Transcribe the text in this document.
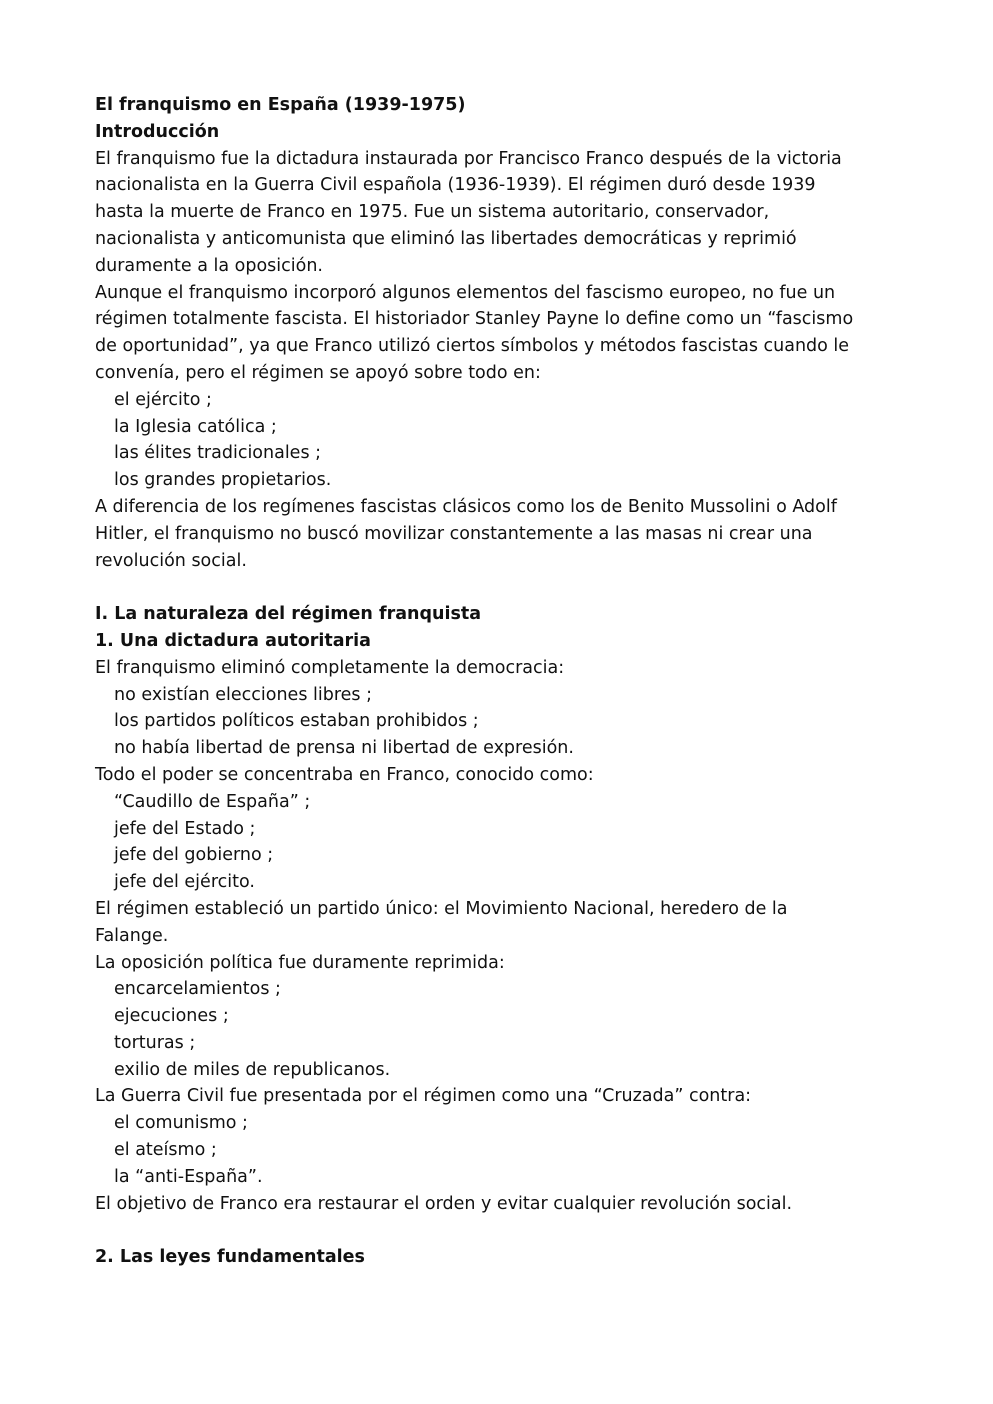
El franquismo en España (1939-1975)
Introducción
El franquismo fue la dictadura instaurada por Francisco Franco después de la victoria
nacionalista en la Guerra Civil española (1936-1939). El régimen duró desde 1939
hasta la muerte de Franco en 1975. Fue un sistema autoritario, conservador,
nacionalista y anticomunista que eliminó las libertades democráticas y reprimió
duramente a la oposición.
Aunque el franquismo incorporó algunos elementos del fascismo europeo, no fue un
régimen totalmente fascista. El historiador Stanley Payne lo define como un “fascismo
de oportunidad”, ya que Franco utilizó ciertos símbolos y métodos fascistas cuando le
convenía, pero el régimen se apoyó sobre todo en:
el ejército ;
la Iglesia católica ;
las élites tradicionales ;
los grandes propietarios.
A diferencia de los regímenes fascistas clásicos como los de Benito Mussolini o Adolf
Hitler, el franquismo no buscó movilizar constantemente a las masas ni crear una
revolución social.
I. La naturaleza del régimen franquista
1. Una dictadura autoritaria
El franquismo eliminó completamente la democracia:
no existían elecciones libres ;
los partidos políticos estaban prohibidos ;
no había libertad de prensa ni libertad de expresión.
Todo el poder se concentraba en Franco, conocido como:
“Caudillo de España” ;
jefe del Estado ;
jefe del gobierno ;
jefe del ejército.
El régimen estableció un partido único: el Movimiento Nacional, heredero de la
Falange.
La oposición política fue duramente reprimida:
encarcelamientos ;
ejecuciones ;
torturas ;
exilio de miles de republicanos.
La Guerra Civil fue presentada por el régimen como una “Cruzada” contra:
el comunismo ;
el ateísmo ;
la “anti-España”.
El objetivo de Franco era restaurar el orden y evitar cualquier revolución social.
2. Las leyes fundamentales
